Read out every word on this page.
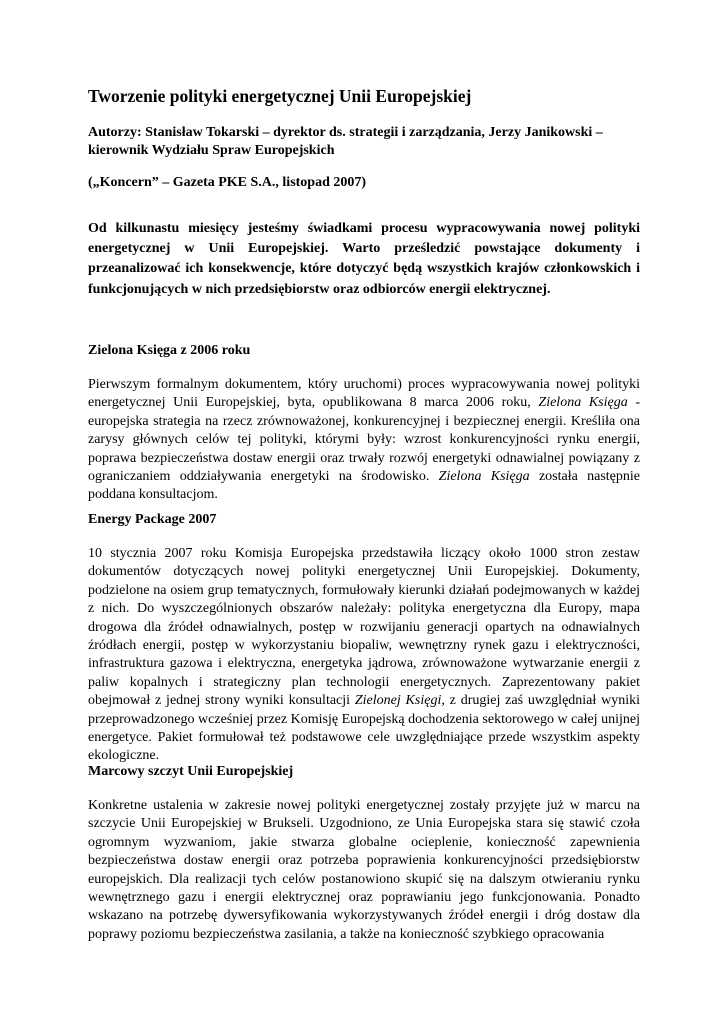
Tworzenie polityki energetycznej Unii Europejskiej

Autorzy: Stanisław Tokarski – dyrektor ds. strategii i zarządzania, Jerzy Janikowski – kierownik Wydziału Spraw Europejskich

(„Koncern” – Gazeta PKE S.A., listopad 2007)

Od kilkunastu miesięcy jesteśmy świadkami procesu wypracowywania nowej polityki energetycznej w Unii Europejskiej. Warto prześledzić powstające dokumenty i przeanalizować ich konsekwencje, które dotyczyć będą wszystkich krajów członkowskich i funkcjonujących w nich przedsiębiorstw oraz odbiorców energii elektrycznej.

Zielona Księga z 2006 roku

Pierwszym formalnym dokumentem, który uruchomi) proces wypracowywania nowej polityki energetycznej Unii Europejskiej, byta, opublikowana 8 marca 2006 roku, Zielona Księga - europejska strategia na rzecz zrównoważonej, konkurencyjnej i bezpiecznej energii. Kreśliła ona zarysy głównych celów tej polityki, którymi były: wzrost konkurencyjności rynku energii, poprawa bezpieczeństwa dostaw energii oraz trwały rozwój energetyki odnawialnej powiązany z ograniczaniem oddziaływania energetyki na środowisko. Zielona Księga została następnie poddana konsultacjom.

Energy Package 2007

10 stycznia 2007 roku Komisja Europejska przedstawiła liczący około 1000 stron zestaw dokumentów dotyczących nowej polityki energetycznej Unii Europejskiej. Dokumenty, podzielone na osiem grup tematycznych, formułowały kierunki działań podejmowanych w każdej z nich. Do wyszczególnionych obszarów należały: polityka energetyczna dla Europy, mapa drogowa dla źródeł odnawialnych, postęp w rozwijaniu generacji opartych na odnawialnych źródłach energii, postęp w wykorzystaniu biopaliw, wewnętrzny rynek gazu i elektryczności, infrastruktura gazowa i elektryczna, energetyka jądrowa, zrównoważone wytwarzanie energii z paliw kopalnych i strategiczny plan technologii energetycznych. Zaprezentowany pakiet obejmował z jednej strony wyniki konsultacji Zielonej Księgi, z drugiej zaś uwzględniał wyniki przeprowadzonego wcześniej przez Komisję Europejską dochodzenia sektorowego w całej unijnej energetyce. Pakiet formułował też podstawowe cele uwzględniające przede wszystkim aspekty ekologiczne.

Marcowy szczyt Unii Europejskiej

Konkretne ustalenia w zakresie nowej polityki energetycznej zostały przyjęte już w marcu na szczycie Unii Europejskiej w Brukseli. Uzgodniono, ze Unia Europejska stara się stawić czoła ogromnym wyzwaniom, jakie stwarza globalne ocieplenie, konieczność zapewnienia bezpieczeństwa dostaw energii oraz potrzeba poprawienia konkurencyjności przedsiębiorstw europejskich. Dla realizacji tych celów postanowiono skupić się na dalszym otwieraniu rynku wewnętrznego gazu i energii elektrycznej oraz poprawianiu jego funkcjonowania. Ponadto wskazano na potrzebę dywersyfikowania wykorzystywanych źródeł energii i dróg dostaw dla poprawy poziomu bezpieczeństwa zasilania, a także na konieczność szybkiego opracowania
